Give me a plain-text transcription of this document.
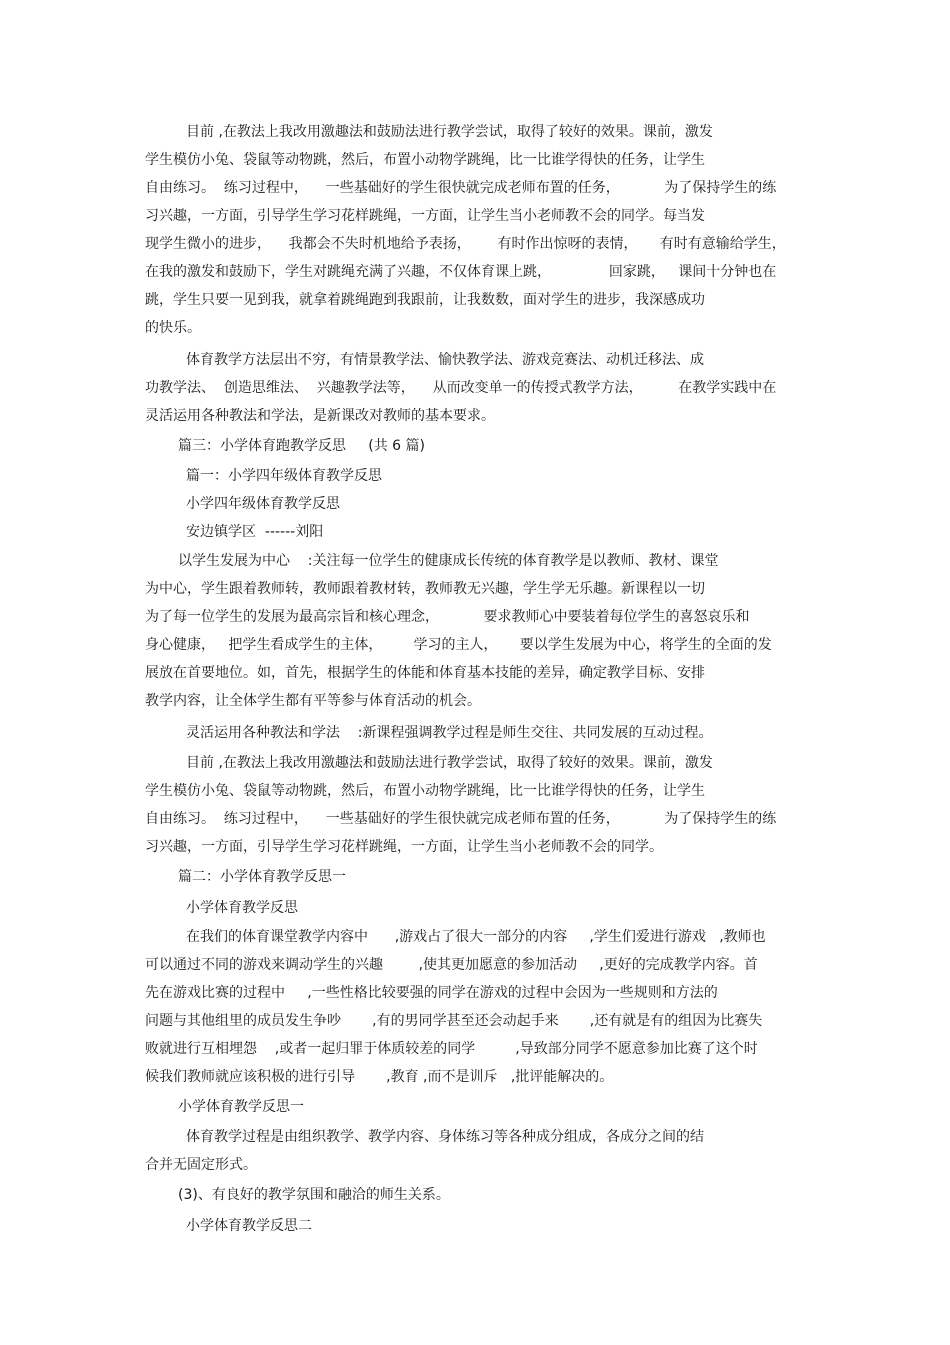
目前 ,在教法上我改用激趣法和鼓励法进行教学尝试，取得了较好的效果。课前，激发

学生模仿小兔、袋鼠等动物跳，然后，布置小动物学跳绳，比一比谁学得快的任务，让学生

自由练习。  练习过程中，    一些基础好的学生很快就完成老师布置的任务，          为了保持学生的练

习兴趣，一方面，引导学生学习花样跳绳，一方面，让学生当小老师教不会的同学。每当发

现学生微小的进步，    我都会不失时机地给予表扬，      有时作出惊呀的表情，     有时有意输给学生，

在我的激发和鼓励下，学生对跳绳充满了兴趣，不仅体育课上跳，             回家跳，   课间十分钟也在

跳，学生只要一见到我，就拿着跳绳跑到我跟前，让我数数，面对学生的进步，我深感成功

的快乐。

体育教学方法层出不穷，有情景教学法、愉快教学法、游戏竞赛法、动机迁移法、成

功教学法、  创造思维法、  兴趣教学法等，    从而改变单一的传授式教学方法，        在教学实践中在

灵活运用各种教法和学法，是新课改对教师的基本要求。

篇三：小学体育跑教学反思     (共 6 篇)

篇一：小学四年级体育教学反思

小学四年级体育教学反思

安边镇学区  ------刘阳

以学生发展为中心    :关注每一位学生的健康成长传统的体育教学是以教师、教材、课堂

为中心，学生跟着教师转，教师跟着教材转，教师教无兴趣，学生学无乐趣。新课程以一切

为了每一位学生的发展为最高宗旨和核心理念，          要求教师心中要装着每位学生的喜怒哀乐和

身心健康，   把学生看成学生的主体，       学习的主人，     要以学生发展为中心，将学生的全面的发

展放在首要地位。如，首先，根据学生的体能和体育基本技能的差异，确定教学目标、安排

教学内容，让全体学生都有平等参与体育活动的机会。

灵活运用各种教法和学法    :新课程强调教学过程是师生交往、共同发展的互动过程。

目前 ,在教法上我改用激趣法和鼓励法进行教学尝试，取得了较好的效果。课前，激发

学生模仿小兔、袋鼠等动物跳，然后，布置小动物学跳绳，比一比谁学得快的任务，让学生

自由练习。  练习过程中，    一些基础好的学生很快就完成老师布置的任务，          为了保持学生的练

习兴趣，一方面，引导学生学习花样跳绳，一方面，让学生当小老师教不会的同学。

篇二：小学体育教学反思一

小学体育教学反思

在我们的体育课堂教学内容中      ,游戏占了很大一部分的内容     ,学生们爱进行游戏   ,教师也

可以通过不同的游戏来调动学生的兴趣        ,使其更加愿意的参加活动     ,更好的完成教学内容。首

先在游戏比赛的过程中     ,一些性格比较要强的同学在游戏的过程中会因为一些规则和方法的

问题与其他组里的成员发生争吵       ,有的男同学甚至还会动起手来       ,还有就是有的组因为比赛失

败就进行互相埋怨    ,或者一起归罪于体质较差的同学         ,导致部分同学不愿意参加比赛了这个时

候我们教师就应该积极的进行引导       ,教育 ,而不是训斥   ,批评能解决的。

小学体育教学反思一

体育教学过程是由组织教学、教学内容、身体练习等各种成分组成，各成分之间的结

合并无固定形式。

(3)、有良好的教学氛围和融洽的师生关系。

小学体育教学反思二
